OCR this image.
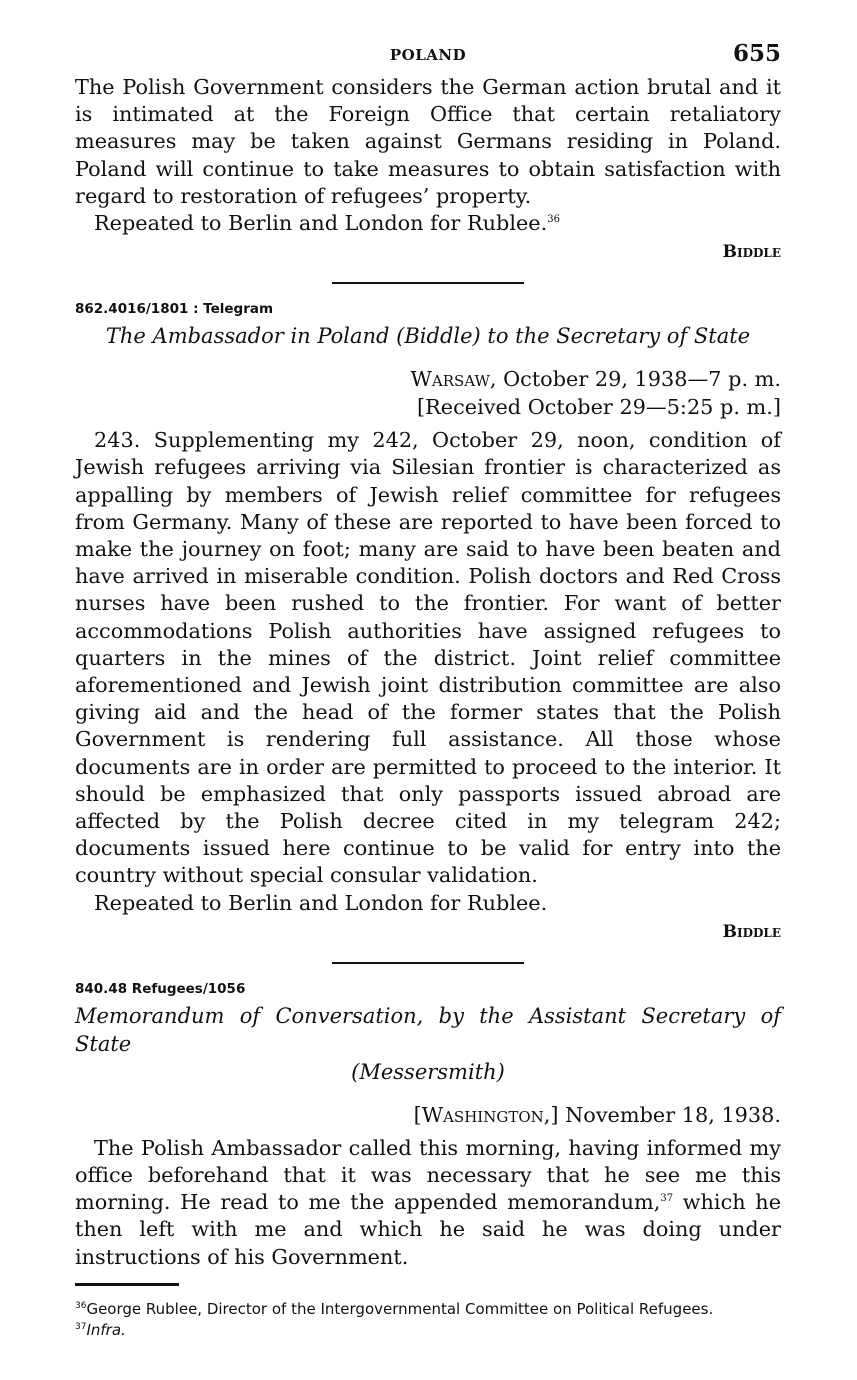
POLAND	655

The Polish Government considers the German action brutal and it is intimated at the Foreign Office that certain retaliatory measures may be taken against Germans residing in Poland. Poland will continue to take measures to obtain satisfaction with regard to restoration of refugees’ property.

Repeated to Berlin and London for Rublee.$^{36}$

Biddle
862.4016/1801 : Telegram
The Ambassador in Poland (Biddle) to the Secretary of State
Warsaw, October 29, 1938—7 p. m.
[Received October 29—5:25 p. m.]

243. Supplementing my 242, October 29, noon, condition of Jewish refugees arriving via Silesian frontier is characterized as appalling by members of Jewish relief committee for refugees from Germany. Many of these are reported to have been forced to make the journey on foot; many are said to have been beaten and have arrived in miserable condition. Polish doctors and Red Cross nurses have been rushed to the frontier. For want of better accommodations Polish authorities have assigned refugees to quarters in the mines of the district. Joint relief committee aforementioned and Jewish joint distribution committee are also giving aid and the head of the former states that the Polish Government is rendering full assistance. All those whose documents are in order are permitted to proceed to the interior. It should be emphasized that only passports issued abroad are affected by the Polish decree cited in my telegram 242; documents issued here continue to be valid for entry into the country without special consular validation.

Repeated to Berlin and London for Rublee.

Biddle
840.48 Refugees/1056
Memorandum of Conversation, by the Assistant Secretary of State
(Messersmith)
[Washington,] November 18, 1938.

The Polish Ambassador called this morning, having informed my office beforehand that it was necessary that he see me this morning. He read to me the appended memorandum,$^{37}$ which he then left with me and which he said he was doing under instructions of his Government.

$^{36}$George Rublee, Director of the Intergovernmental Committee on Political Refugees.
$^{37}$Infra.
